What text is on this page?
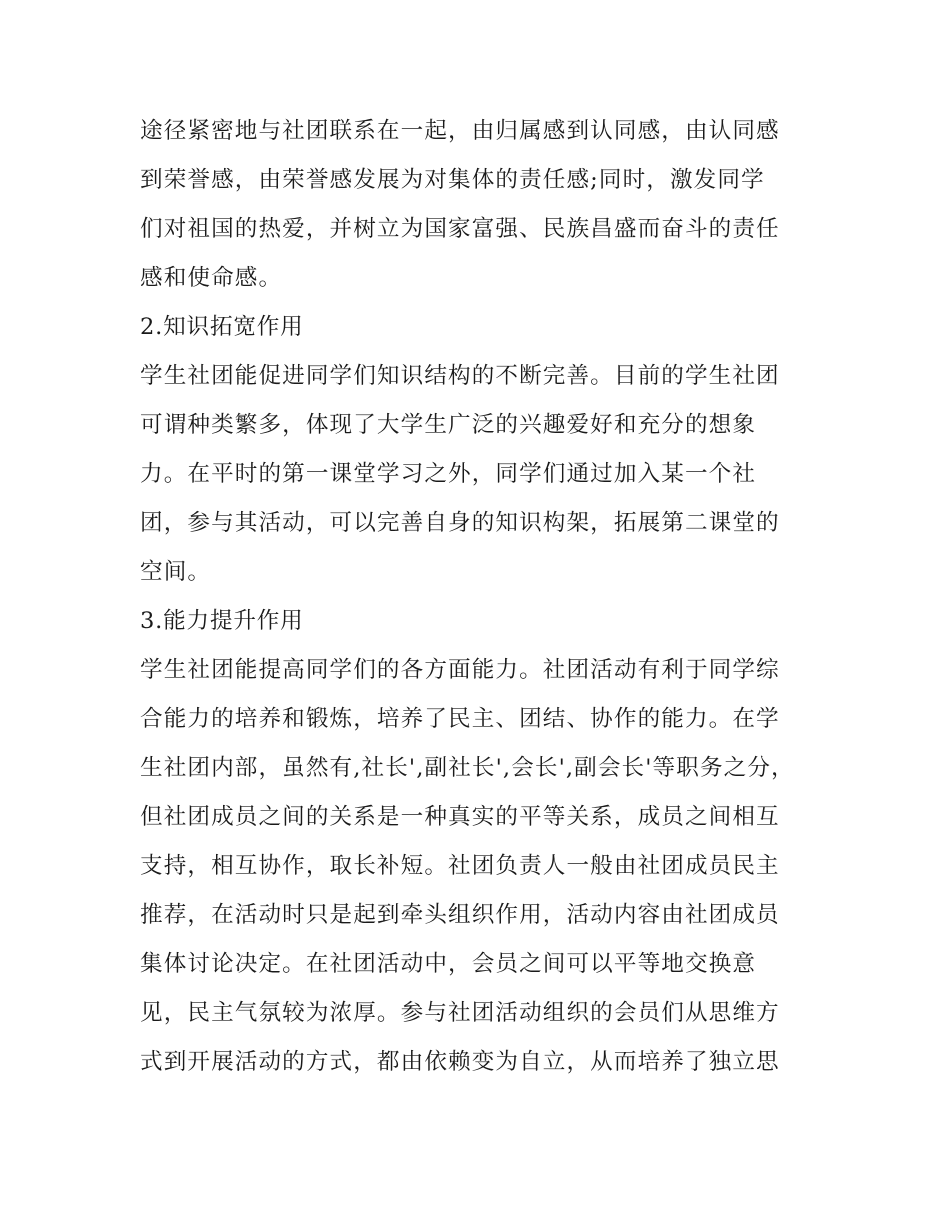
途径紧密地与社团联系在一起，由归属感到认同感，由认同感
到荣誉感，由荣誉感发展为对集体的责任感;同时，激发同学
们对祖国的热爱，并树立为国家富强、民族昌盛而奋斗的责任
感和使命感。
2.知识拓宽作用
学生社团能促进同学们知识结构的不断完善。目前的学生社团
可谓种类繁多，体现了大学生广泛的兴趣爱好和充分的想象
力。在平时的第一课堂学习之外，同学们通过加入某一个社
团，参与其活动，可以完善自身的知识构架，拓展第二课堂的
空间。
3.能力提升作用
学生社团能提高同学们的各方面能力。社团活动有利于同学综
合能力的培养和锻炼，培养了民主、团结、协作的能力。在学
生社团内部，虽然有,社长',副社长',会长',副会长'等职务之分，
但社团成员之间的关系是一种真实的平等关系，成员之间相互
支持，相互协作，取长补短。社团负责人一般由社团成员民主
推荐，在活动时只是起到牵头组织作用，活动内容由社团成员
集体讨论决定。在社团活动中，会员之间可以平等地交换意
见，民主气氛较为浓厚。参与社团活动组织的会员们从思维方
式到开展活动的方式，都由依赖变为自立，从而培养了独立思
